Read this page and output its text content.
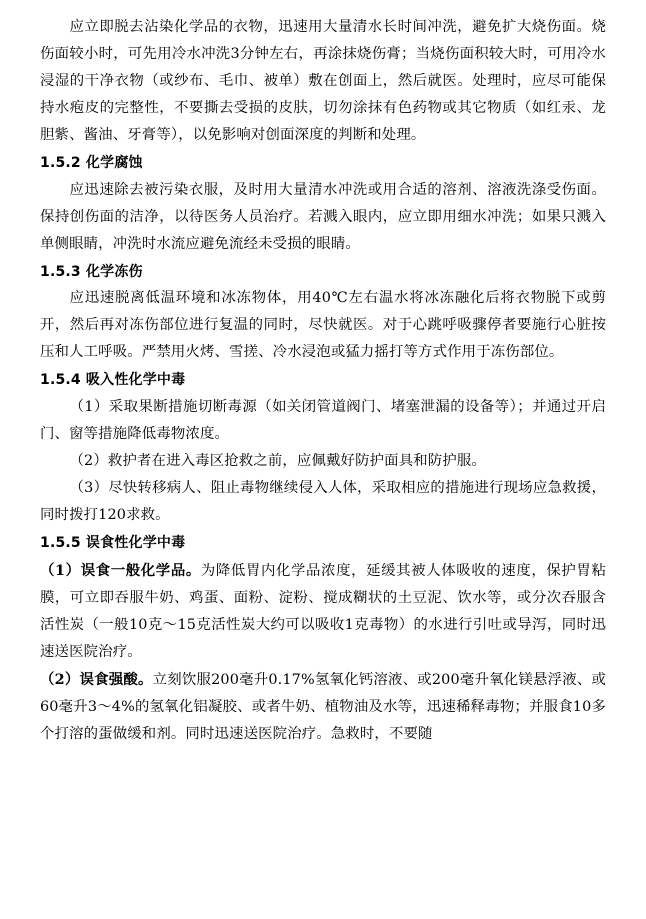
应立即脱去沾染化学品的衣物，迅速用大量清水长时间冲洗，避免扩大烧伤面。烧伤面较小时，可先用冷水冲洗3分钟左右，再涂抹烧伤膏；当烧伤面积较大时，可用冷水浸湿的干净衣物（或纱布、毛巾、被单）敷在创面上，然后就医。处理时，应尽可能保持水疱皮的完整性，不要撕去受损的皮肤，切勿涂抹有色药物或其它物质（如红汞、龙胆紫、酱油、牙膏等），以免影响对创面深度的判断和处理。

1.5.2 化学腐蚀

应迅速除去被污染衣服，及时用大量清水冲洗或用合适的溶剂、溶液洗涤受伤面。保持创伤面的洁净，以待医务人员治疗。若溅入眼内，应立即用细水冲洗；如果只溅入单侧眼睛，冲洗时水流应避免流经未受损的眼睛。

1.5.3 化学冻伤

应迅速脱离低温环境和冰冻物体，用40℃左右温水将冰冻融化后将衣物脱下或剪开，然后再对冻伤部位进行复温的同时，尽快就医。对于心跳呼吸骤停者要施行心脏按压和人工呼吸。严禁用火烤、雪搓、冷水浸泡或猛力摇打等方式作用于冻伤部位。

1.5.4 吸入性化学中毒

（1）采取果断措施切断毒源（如关闭管道阀门、堵塞泄漏的设备等）；并通过开启门、窗等措施降低毒物浓度。

（2）救护者在进入毒区抢救之前，应佩戴好防护面具和防护服。

（3）尽快转移病人、阻止毒物继续侵入人体，采取相应的措施进行现场应急救援，同时拨打120求救。

1.5.5 误食性化学中毒

（1）误食一般化学品。为降低胃内化学品浓度，延缓其被人体吸收的速度，保护胃粘膜，可立即吞服牛奶、鸡蛋、面粉、淀粉、搅成糊状的土豆泥、饮水等，或分次吞服含活性炭（一般10克～15克活性炭大约可以吸收1克毒物）的水进行引吐或导泻，同时迅速送医院治疗。

（2）误食强酸。立刻饮服200毫升0.17%氢氧化钙溶液、或200毫升氧化镁悬浮液、或60毫升3～4%的氢氧化铝凝胶、或者牛奶、植物油及水等，迅速稀释毒物；并服食10多个打溶的蛋做缓和剂。同时迅速送医院治疗。急救时，不要随
